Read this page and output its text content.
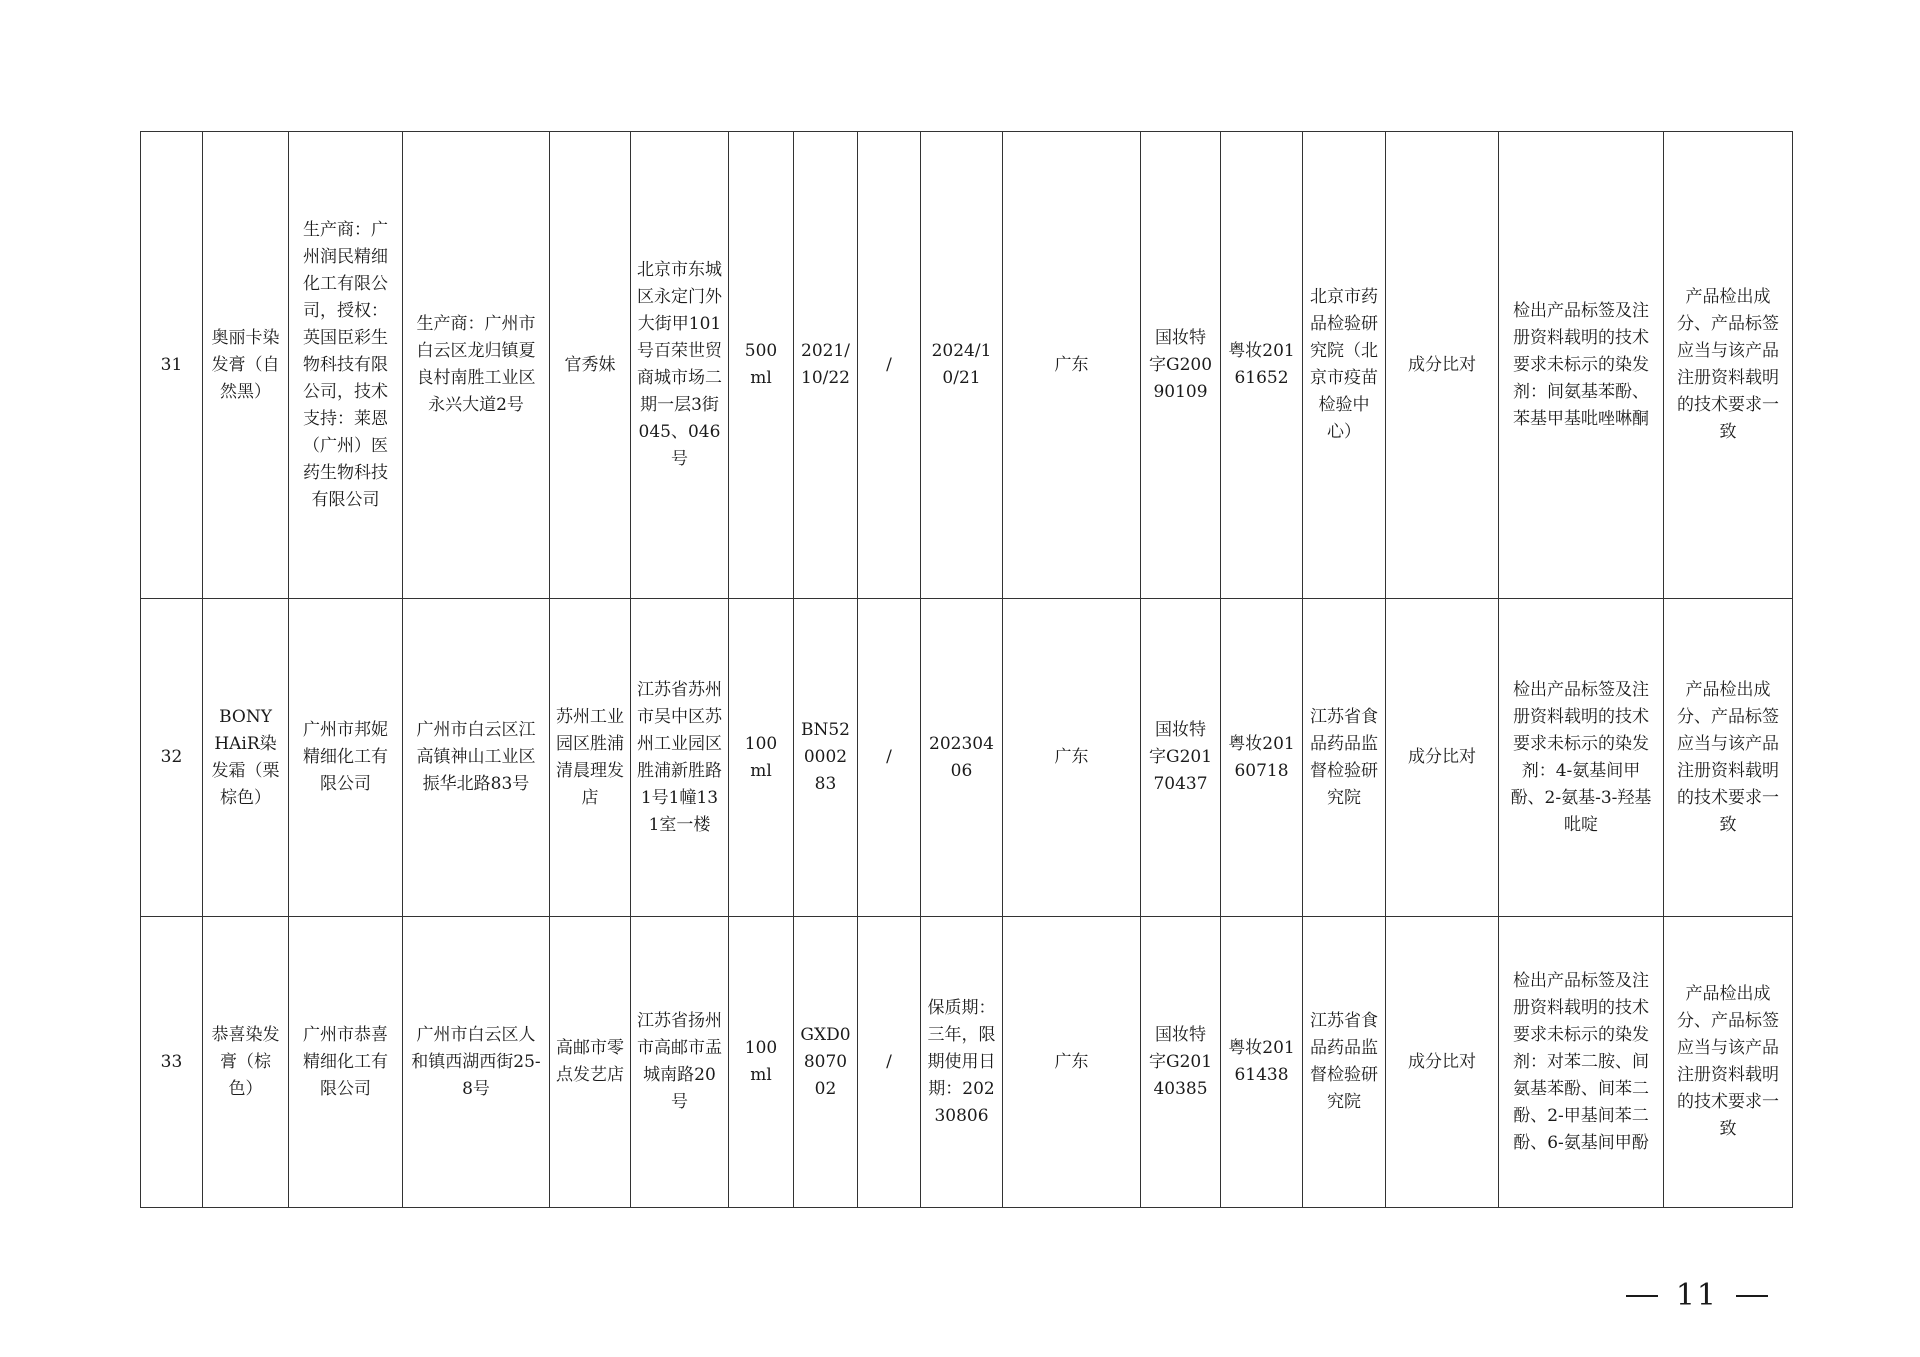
31	奥丽卡染发膏（自然黑）	生产商：广州润民精细化工有限公司，授权：英国臣彩生物科技有限公司，技术支持：莱恩（广州）医药生物科技有限公司	生产商：广州市白云区龙归镇夏良村南胜工业区永兴大道2号	官秀妹	北京市东城区永定门外大街甲101号百荣世贸商城市场二期一层3街045、046号	500 ml	2021/10/22	/	2024/10/21	广东	国妆特字G20090109	粤妆20161652	北京市药品检验研究院（北京市疫苗检验中心）	成分比对	检出产品标签及注册资料载明的技术要求未标示的染发剂：间氨基苯酚、苯基甲基吡唑啉酮	产品检出成分、产品标签应当与该产品注册资料载明的技术要求一致
32	BONY HAiR染发霜（栗棕色）	广州市邦妮精细化工有限公司	广州市白云区江高镇神山工业区振华北路83号	苏州工业园区胜浦清晨理发店	江苏省苏州市吴中区苏州工业园区胜浦新胜路1号1幢131室一楼	100 ml	BN52000283	/	20230406	广东	国妆特字G20170437	粤妆20160718	江苏省食品药品监督检验研究院	成分比对	检出产品标签及注册资料载明的技术要求未标示的染发剂：4-氨基间甲酚、2-氨基-3-羟基吡啶	产品检出成分、产品标签应当与该产品注册资料载明的技术要求一致
33	恭喜染发膏（棕色）	广州市恭喜精细化工有限公司	广州市白云区人和镇西湖西街25-8号	高邮市零点发艺店	江苏省扬州市高邮市盂城南路20号	100 ml	GXD0807002	/	保质期：三年，限期使用日期：20230806	广东	国妆特字G20140385	粤妆20161438	江苏省食品药品监督检验研究院	成分比对	检出产品标签及注册资料载明的技术要求未标示的染发剂：对苯二胺、间氨基苯酚、间苯二酚、2-甲基间苯二酚、6-氨基间甲酚	产品检出成分、产品标签应当与该产品注册资料载明的技术要求一致
11
